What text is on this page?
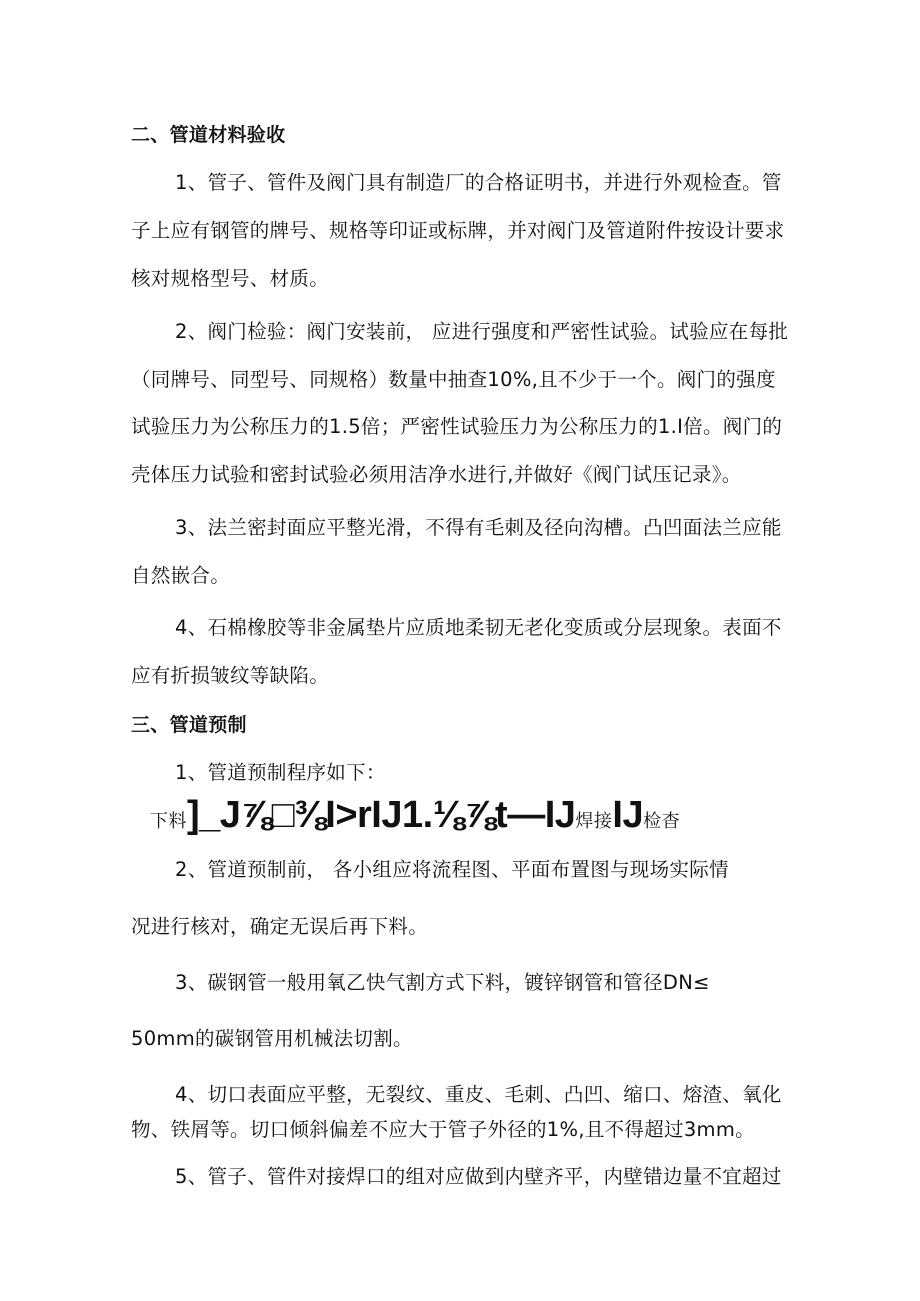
二、管道材料验收
1、管子、管件及阀门具有制造厂的合格证明书，并进行外观检查。管
子上应有钢管的牌号、规格等印证或标牌，并对阀门及管道附件按设计要求
核对规格型号、材质。
2、阀门检验：阀门安装前， 应进行强度和严密性试验。试验应在每批
（同牌号、同型号、同规格）数量中抽查10%,且不少于一个。阀门的强度
试验压力为公称压力的1.5倍；严密性试验压力为公称压力的1.I倍。阀门的
壳体压力试验和密封试验必须用洁净水进行,并做好《阀门试压记录》。
3、法兰密封面应平整光滑，不得有毛刺及径向沟槽。凸凹面法兰应能
自然嵌合。
4、石棉橡胶等非金属垫片应质地柔韧无老化变质或分层现象。表面不
应有折损皱纹等缺陷。
三、管道预制
1、管道预制程序如下：
下料]_J⅞□⅜I>rIJ1.⅛⅞t—IJ焊接IJ检杳
2、管道预制前， 各小组应将流程图、平面布置图与现场实际情
况进行核对，确定无误后再下料。
3、碳钢管一般用氧乙快气割方式下料，镀锌钢管和管径DN≤
50mm的碳钢管用机械法切割。
4、切口表面应平整，无裂纹、重皮、毛刺、凸凹、缩口、熔渣、氧化
物、铁屑等。切口倾斜偏差不应大于管子外径的1%,且不得超过3mm。
5、管子、管件对接焊口的组对应做到内壁齐平，内壁错边量不宜超过
